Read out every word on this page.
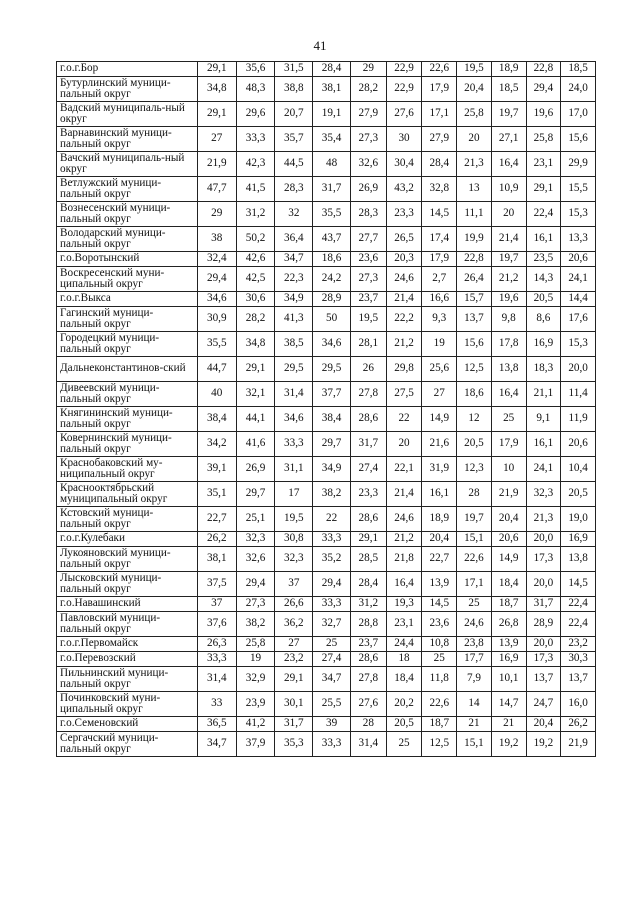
41
г.о.г.Бор	29,1	35,6	31,5	28,4	29	22,9	22,6	19,5	18,9	22,8	18,5
Бутурлинский муници-пальный округ	34,8	48,3	38,8	38,1	28,2	22,9	17,9	20,4	18,5	29,4	24,0
Вадский муниципаль-ный округ	29,1	29,6	20,7	19,1	27,9	27,6	17,1	25,8	19,7	19,6	17,0
Варнавинский муници-пальный округ	27	33,3	35,7	35,4	27,3	30	27,9	20	27,1	25,8	15,6
Вачский муниципаль-ный округ	21,9	42,3	44,5	48	32,6	30,4	28,4	21,3	16,4	23,1	29,9
Ветлужский муници-пальный округ	47,7	41,5	28,3	31,7	26,9	43,2	32,8	13	10,9	29,1	15,5
Вознесенский муници-пальный округ	29	31,2	32	35,5	28,3	23,3	14,5	11,1	20	22,4	15,3
Володарский муници-пальный округ	38	50,2	36,4	43,7	27,7	26,5	17,4	19,9	21,4	16,1	13,3
г.о.Воротынский	32,4	42,6	34,7	18,6	23,6	20,3	17,9	22,8	19,7	23,5	20,6
Воскресенский муни-ципальный округ	29,4	42,5	22,3	24,2	27,3	24,6	2,7	26,4	21,2	14,3	24,1
г.о.г.Выкса	34,6	30,6	34,9	28,9	23,7	21,4	16,6	15,7	19,6	20,5	14,4
Гагинский муници-пальный округ	30,9	28,2	41,3	50	19,5	22,2	9,3	13,7	9,8	8,6	17,6
Городецкий муници-пальный округ	35,5	34,8	38,5	34,6	28,1	21,2	19	15,6	17,8	16,9	15,3
Дальнеконстантинов-ский	44,7	29,1	29,5	29,5	26	29,8	25,6	12,5	13,8	18,3	20,0
Дивеевский муници-пальный округ	40	32,1	31,4	37,7	27,8	27,5	27	18,6	16,4	21,1	11,4
Княгининский муници-пальный округ	38,4	44,1	34,6	38,4	28,6	22	14,9	12	25	9,1	11,9
Ковернинский муници-пальный округ	34,2	41,6	33,3	29,7	31,7	20	21,6	20,5	17,9	16,1	20,6
Краснобаковский му-ниципальный округ	39,1	26,9	31,1	34,9	27,4	22,1	31,9	12,3	10	24,1	10,4
Краснооктябрьский муниципальный округ	35,1	29,7	17	38,2	23,3	21,4	16,1	28	21,9	32,3	20,5
Кстовский муници-пальный округ	22,7	25,1	19,5	22	28,6	24,6	18,9	19,7	20,4	21,3	19,0
г.о.г.Кулебаки	26,2	32,3	30,8	33,3	29,1	21,2	20,4	15,1	20,6	20,0	16,9
Лукояновский муници-пальный округ	38,1	32,6	32,3	35,2	28,5	21,8	22,7	22,6	14,9	17,3	13,8
Лысковский муници-пальный округ	37,5	29,4	37	29,4	28,4	16,4	13,9	17,1	18,4	20,0	14,5
г.о.Навашинский	37	27,3	26,6	33,3	31,2	19,3	14,5	25	18,7	31,7	22,4
Павловский муници-пальный округ	37,6	38,2	36,2	32,7	28,8	23,1	23,6	24,6	26,8	28,9	22,4
г.о.г.Первомайск	26,3	25,8	27	25	23,7	24,4	10,8	23,8	13,9	20,0	23,2
г.о.Перевозский	33,3	19	23,2	27,4	28,6	18	25	17,7	16,9	17,3	30,3
Пильнинский муници-пальный округ	31,4	32,9	29,1	34,7	27,8	18,4	11,8	7,9	10,1	13,7	13,7
Починковский муни-ципальный округ	33	23,9	30,1	25,5	27,6	20,2	22,6	14	14,7	24,7	16,0
г.о.Семеновский	36,5	41,2	31,7	39	28	20,5	18,7	21	21	20,4	26,2
Сергачский муници-пальный округ	34,7	37,9	35,3	33,3	31,4	25	12,5	15,1	19,2	19,2	21,9
